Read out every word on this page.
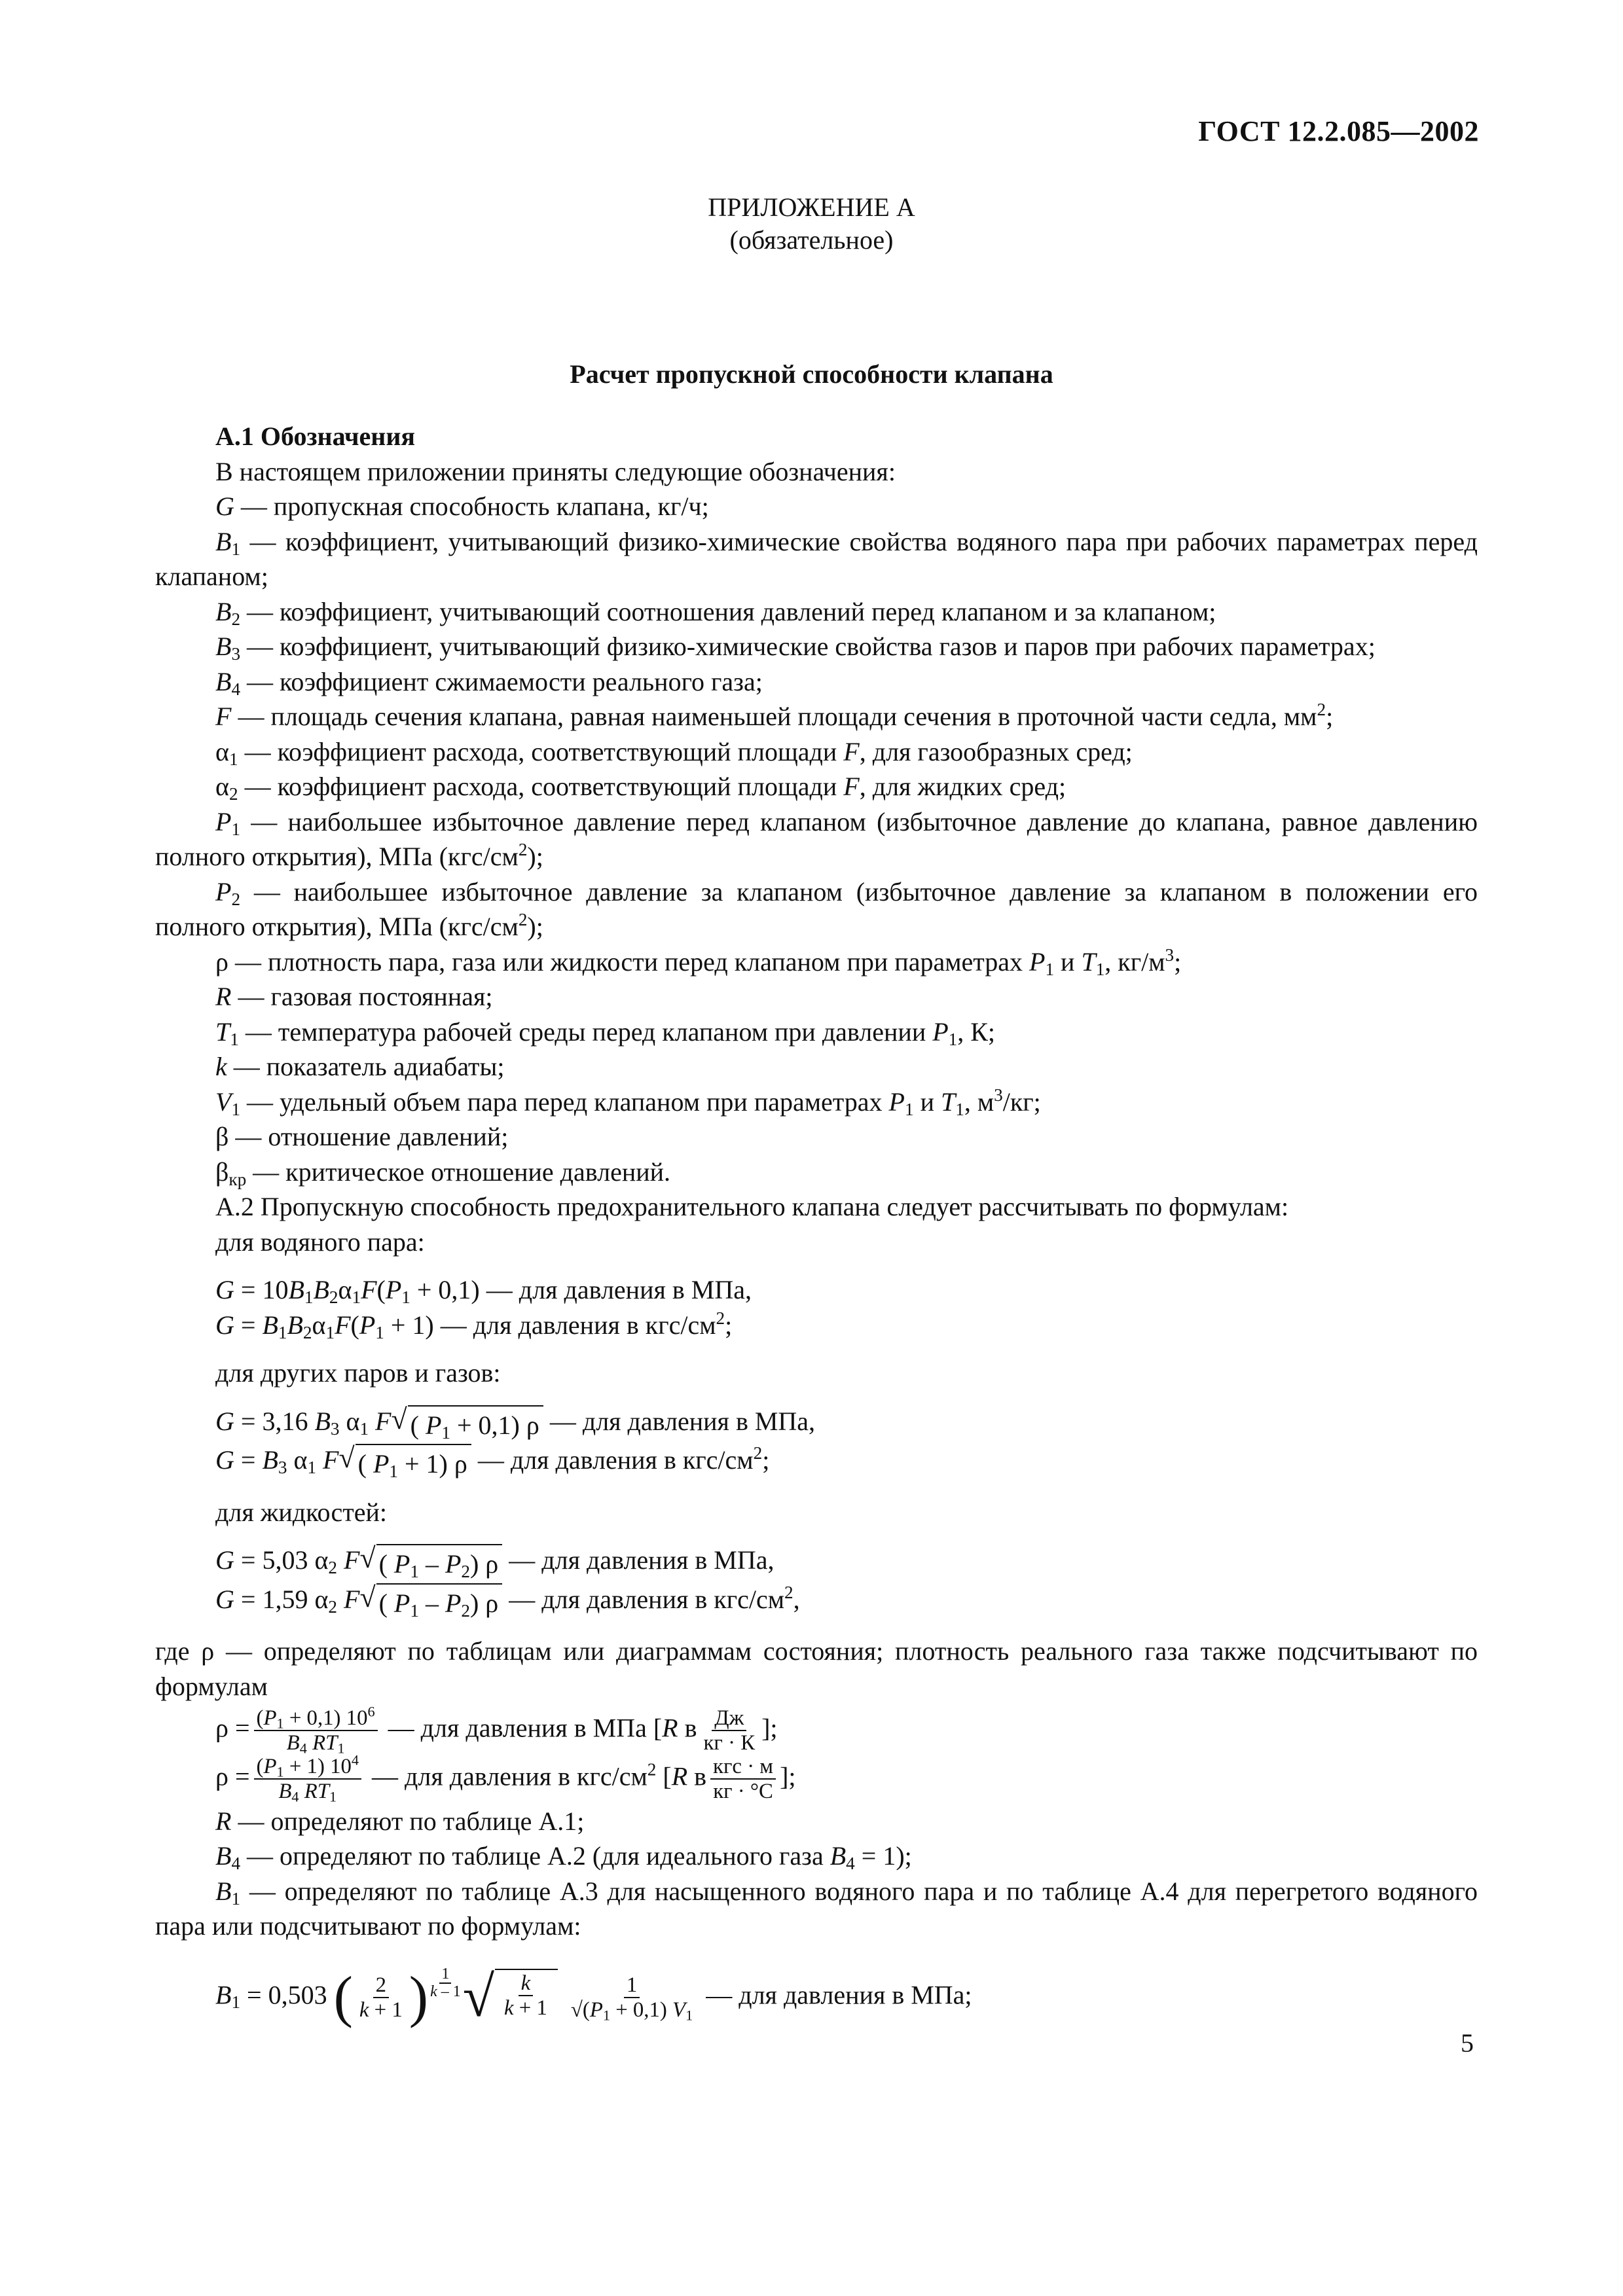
ГОСТ 12.2.085—2002
ПРИЛОЖЕНИЕ А
(обязательное)
Расчет пропускной способности клапана

А.1 Обозначения

В настоящем приложении приняты следующие обозначения:

G — пропускная способность клапана, кг/ч;

$B_1$ — коэффициент, учитывающий физико-химические свойства водяного пара при рабочих параметрах перед клапаном;

$B_2$ — коэффициент, учитывающий соотношения давлений перед клапаном и за клапаном;

$B_3$ — коэффициент, учитывающий физико-химические свойства газов и паров при рабочих параметрах;

$B_4$ — коэффициент сжимаемости реального газа;

F — площадь сечения клапана, равная наименьшей площади сечения в проточной части седла, $мм^2$;

$\alpha_1$ — коэффициент расхода, соответствующий площади F, для газообразных сред;

$\alpha_2$ — коэффициент расхода, соответствующий площади F, для жидких сред;

$P_1$ — наибольшее избыточное давление перед клапаном (избыточное давление до клапана, равное давлению полного открытия), МПа $(кгс/см^2)$;

$P_2$ — наибольшее избыточное давление за клапаном (избыточное давление за клапаном в положении его полного открытия), МПа $(кгс/см^2)$;

ρ — плотность пара, газа или жидкости перед клапаном при параметрах $P_1$ и $T_1$, $кг/м^3$;

R — газовая постоянная;

$T_1$ — температура рабочей среды перед клапаном при давлении $P_1$, К;

k — показатель адиабаты;

$V_1$ — удельный объем пара перед клапаном при параметрах $P_1$ и $T_1$, $м^3/кг$;

β — отношение давлений;

$\beta_{кр}$ — критическое отношение давлений.

А.2 Пропускную способность предохранительного клапана следует рассчитывать по формулам:

для водяного пара:

$G = 10B_1B_2\alpha_1F(P_1 + 0,1)$ — для давления в МПа,

$G = B_1B_2\alpha_1F(P_1 + 1)$ — для давления в кгс/$см^2$;

для других паров и газов:

G = 3,16 $B_3$ $\alpha_1$ F √ ( $P_1 + 0,1$) ρ — для давления в МПа,

$G = B_3$ $\alpha_1$ F √ ( $P_1 + 1$) ρ — для давления в кгс/$см^2$;

для жидкостей:

G = 5,03 $\alpha_2$ F √ ( $P_1 - P_2$) ρ — для давления в МПа,

G = 1,59 $\alpha_2$ F √ ( $P_1 - P_2$) ρ — для давления в кгс/$см^2$,

где ρ — определяют по таблицам или диаграммам состояния; плотность реального газа также подсчитывают по формулам

$\rho = \frac{(P_1 + 0,1) 10^6}{B_4 RT_1}$ — для давления в МПа [R в $\frac{Дж}{кг \cdot К}$ ];

$\rho = \frac{(P_1 + 1) 10^4}{B_4 RT_1}$ — для давления в кгс/$см^2$ [R в $\frac{\text{кгс · м}}{кг \cdot ^\circ С}$ ];

R — определяют по таблице А.1;

$B_4$ — определяют по таблице А.2 (для идеального газа $B_4 = 1$);

$B_1$ — определяют по таблице А.3 для насыщенного водяного пара и по таблице А.4 для перегретого водяного пара или подсчитывают по формулам:

$B_1 = 0,503$ ( $\frac{2}{k + 1}$ ) $\frac{1}{k - 1}$ √ $\frac{k}{k + 1}$
$\frac{1}{√(P_1 + 0,1) V_1}$ — для давления в МПа;

5
